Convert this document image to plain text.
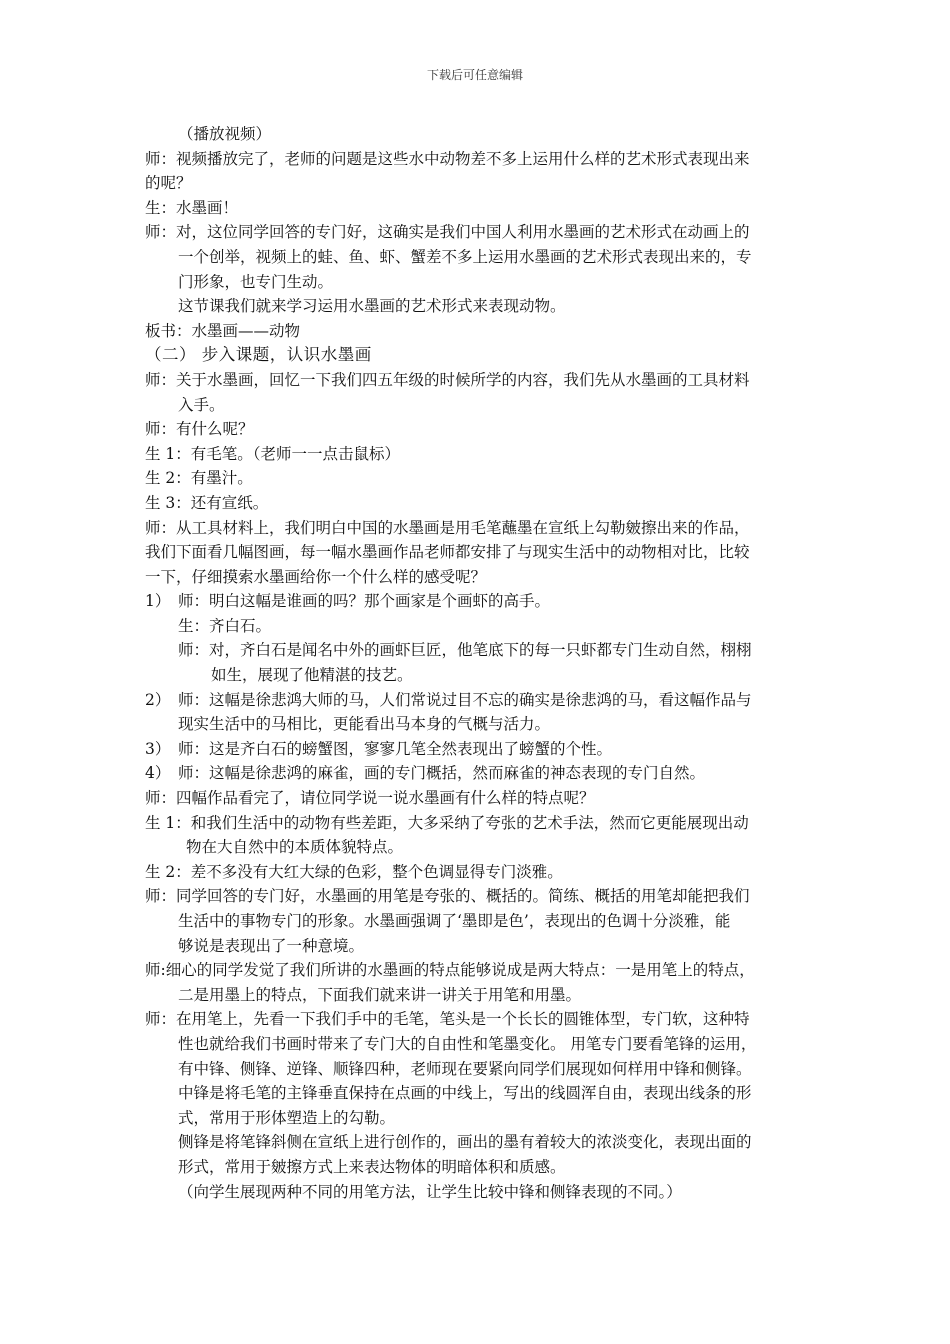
下载后可任意编辑
（播放视频）
师：视频播放完了，老师的问题是这些水中动物差不多上运用什么样的艺术形式表现出来
的呢？
生：水墨画！
师：对，这位同学回答的专门好，这确实是我们中国人利用水墨画的艺术形式在动画上的
一个创举，视频上的蛙、鱼、虾、蟹差不多上运用水墨画的艺术形式表现出来的，专
门形象，也专门生动。
这节课我们就来学习运用水墨画的艺术形式来表现动物。
板书：水墨画——动物
（二） 步入课题，认识水墨画
师：关于水墨画，回忆一下我们四五年级的时候所学的内容，我们先从水墨画的工具材料
入手。
师：有什么呢？
生 1：有毛笔。（老师一一点击鼠标）
生 2：有墨汁。
生 3：还有宣纸。
师：从工具材料上，我们明白中国的水墨画是用毛笔蘸墨在宣纸上勾勒皴擦出来的作品，
我们下面看几幅图画，每一幅水墨画作品老师都安排了与现实生活中的动物相对比，比较
一下，仔细摸索水墨画给你一个什么样的感受呢？
1） 师：明白这幅是谁画的吗？那个画家是个画虾的高手。
生：齐白石。
师：对，齐白石是闻名中外的画虾巨匠，他笔底下的每一只虾都专门生动自然，栩栩
如生，展现了他精湛的技艺。
2） 师：这幅是徐悲鸿大师的马，人们常说过目不忘的确实是徐悲鸿的马，看这幅作品与
现实生活中的马相比，更能看出马本身的气概与活力。
3） 师：这是齐白石的螃蟹图，寥寥几笔全然表现出了螃蟹的个性。
4） 师：这幅是徐悲鸿的麻雀，画的专门概括，然而麻雀的神态表现的专门自然。
师：四幅作品看完了，请位同学说一说水墨画有什么样的特点呢？
生 1：和我们生活中的动物有些差距，大多采纳了夸张的艺术手法，然而它更能展现出动
物在大自然中的本质体貌特点。
生 2：差不多没有大红大绿的色彩，整个色调显得专门淡雅。
师：同学回答的专门好，水墨画的用笔是夸张的、概括的。简练、概括的用笔却能把我们
生活中的事物专门的形象。水墨画强调了‘墨即是色’，表现出的色调十分淡雅，能
够说是表现出了一种意境。
师:细心的同学发觉了我们所讲的水墨画的特点能够说成是两大特点：一是用笔上的特点，
二是用墨上的特点，下面我们就来讲一讲关于用笔和用墨。
师：在用笔上，先看一下我们手中的毛笔，笔头是一个长长的圆锥体型，专门软，这种特
性也就给我们书画时带来了专门大的自由性和笔墨变化。 用笔专门要看笔锋的运用，
有中锋、侧锋、逆锋、顺锋四种，老师现在要紧向同学们展现如何样用中锋和侧锋。
中锋是将毛笔的主锋垂直保持在点画的中线上，写出的线圆浑自由，表现出线条的形
式，常用于形体塑造上的勾勒。
侧锋是将笔锋斜侧在宣纸上进行创作的，画出的墨有着较大的浓淡变化，表现出面的
形式，常用于皴擦方式上来表达物体的明暗体积和质感。
（向学生展现两种不同的用笔方法，让学生比较中锋和侧锋表现的不同。）
